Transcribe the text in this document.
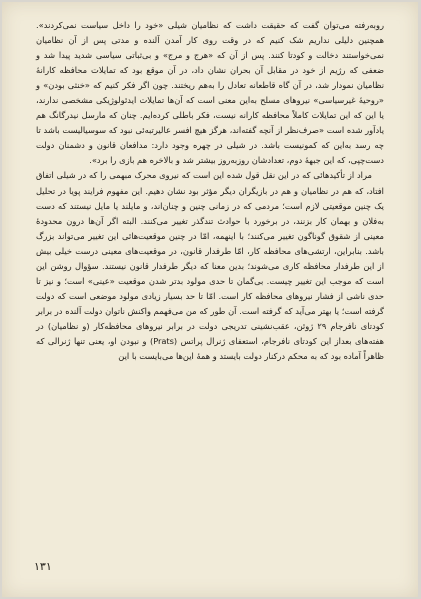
روبه‌رفته می‌توان گفت که حقیقت داشت که نظامیان شیلی «خود را داخل سیاست نمی‌کردند». همچنین دلیلی نداریم شک کنیم که در وقت روی کار آمدن آلنده و مدتی پس از آن نظامیان نمی‌خواستند دخالت و کودتا کنند. پس از آن که «هرج و مرج» و بی‌ثباتی سیاسی شدید پیدا شد و ضعفی که رژیم از خود در مقابل آن بحران نشان داد، در آن موقع بود که تمایلات محافظه کارانهٔ نظامیان نمودار شد، در آن گاه قاطعانه تعادل را به‌هم ریختند. چون اگر فکر کنیم که «خنثی بودن» و «روحیهٔ غیرسیاسی» نیروهای مسلح به‌این معنی است که آن‌ها تمایلات ایدئولوژیکی مشخصی ندارند، یا این که این تمایلات کاملاً محافظه کارانه نیست، فکر باطلی کرده‌ایم. چنان که مارسل نیدرگانگ هم یادآور شده است «صرف‌نظر از آنچه گفته‌اند، هرگز هیچ افسر عالیرتبه‌ئی نبود که سوسیالیست باشد تا چه رسد به‌این که کمونیست باشد. در شیلی در چهره وجود دارد: مدافعان قانون و دشمنان دولت دست‌چپی، که این جبههٔ دوم، تعدادشان روزبه‌روز بیشتر شد و بالاخره هم بازی را برد».

مراد از تأکیدهائی که در این نقل قول شده این است که نیروی محرک مبهمی را که در شیلی اتفاق افتاد، که هم در نظامیان و هم در بازیگران دیگر مؤثر بود نشان دهیم. این مفهوم فرایند پویا در تحلیل یک چنین موقعیتی لازم است؛ مردمی که در زمانی چنین و چنان‌اند، و مایلند یا مایل نیستند که دست به‌فلان و بهمان کار بزنند، در برخورد با حوادث تندگذر تغییر می‌کنند. البته اگر آن‌ها درون محدودهٔ معینی از شقوق گوناگون تغییر می‌کنند؛ با اینهمه، امّا در چنین موقعیت‌هائی این تغییر می‌تواند بزرگ باشد. بنابراین، ارتشی‌های محافظه کار، امّا طرفدار قانون، در موقعیت‌های معینی درست خیلی بیش از این طرفدار محافظه کاری می‌شوند؛ بدین معنا که دیگر طرفدار قانون نیستند. سؤوال روشن این است که موجب این تغییر چیست. بی‌گمان تا حدی مولود بدتر شدن موقعیت «عینی» است؛ و نیز تا حدی ناشی از فشار نیروهای محافظه کار است. امّا تا حد بسیار زیادی مولود موضعی است که دولت گرفته است؛ یا بهتر می‌آید که گرفته است. آن طور که من می‌فهمم واکنش ناتوان دولت آلنده در برابر کودتای نافرجام ۲۹ ژوئن، عقب‌نشینی تدریجی دولت در برابر نیروهای محافظه‌کار (و نظامیان) در هفته‌های بعد‌از این کودتای نافرجام، استعفای ژنرال پراتس (Prats) و نبودن او، یعنی تنها ژنرالی که ظاهراً آماده بود که به محکم درکنار دولت بایستد و همهٔ این‌ها می‌بایست با این

۱۳۱
